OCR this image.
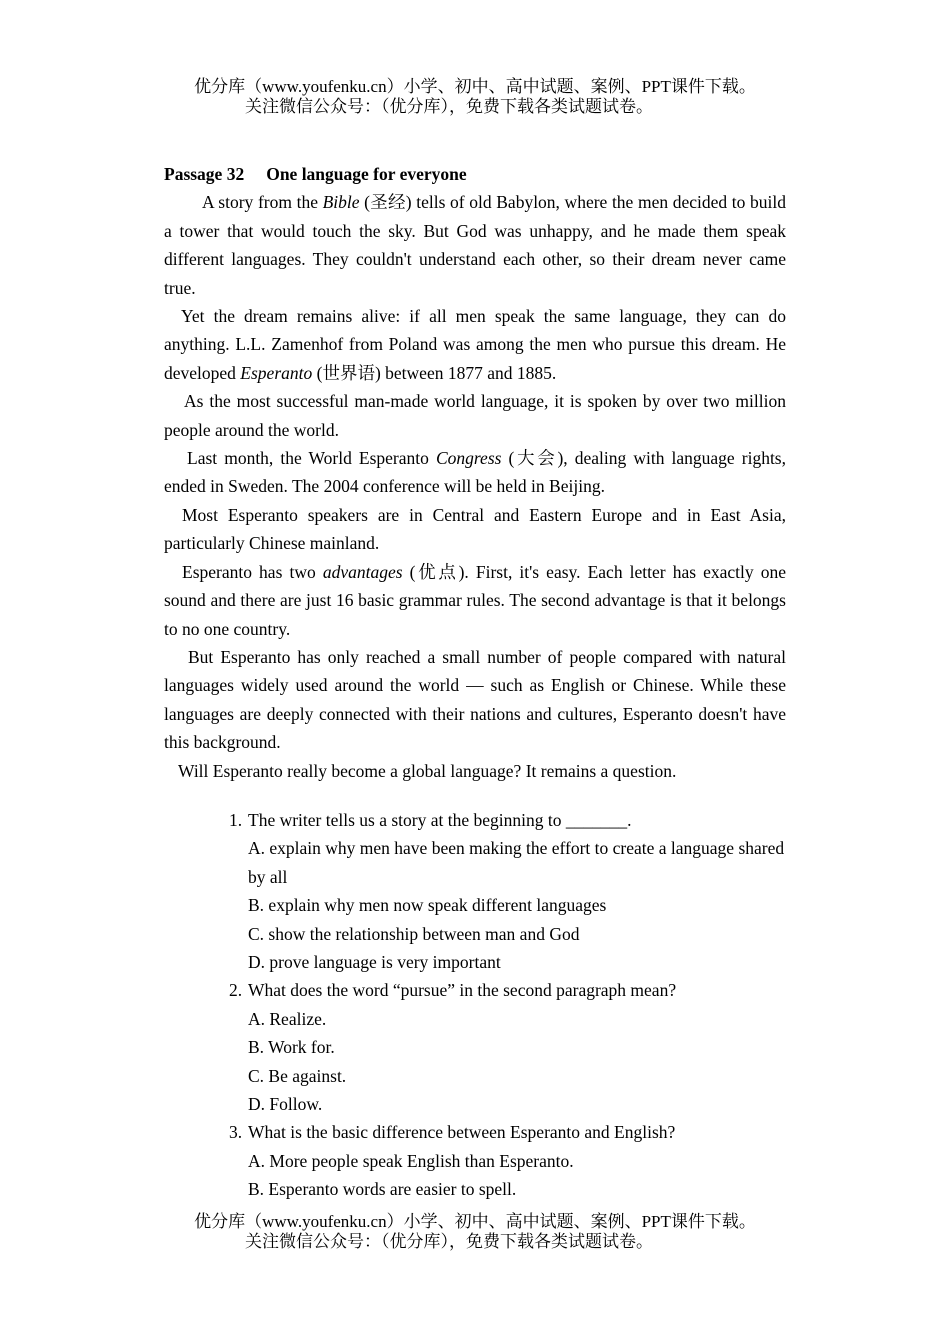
优分库（www.youfenku.cn）小学、初中、高中试题、案例、PPT课件下载。
关注微信公众号：（优分库），免费下载各类试题试卷。

Passage 32 One language for everyone

A story from the Bible (圣经) tells of old Babylon, where the men decided to build a tower that would touch the sky. But God was unhappy, and he made them speak different languages. They couldn't understand each other, so their dream never came true.

Yet the dream remains alive: if all men speak the same language, they can do anything. L.L. Zamenhof from Poland was among the men who pursue this dream. He developed Esperanto (世界语) between 1877 and 1885.

As the most successful man-made world language, it is spoken by over two million people around the world.

Last month, the World Esperanto Congress (大会), dealing with language rights, ended in Sweden. The 2004 conference will be held in Beijing.

Most Esperanto speakers are in Central and Eastern Europe and in East Asia, particularly Chinese mainland.

Esperanto has two advantages (优点). First, it's easy. Each letter has exactly one sound and there are just 16 basic grammar rules. The second advantage is that it belongs to no one country.

But Esperanto has only reached a small number of people compared with natural languages widely used around the world — such as English or Chinese. While these languages are deeply connected with their nations and cultures, Esperanto doesn't have this background.

Will Esperanto really become a global language? It remains a question.

1. The writer tells us a story at the beginning to _______.

A. explain why men have been making the effort to create a language shared by all

B. explain why men now speak different languages

C. show the relationship between man and God

D. prove language is very important

2. What does the word “pursue” in the second paragraph mean?

A. Realize.

B. Work for.

C. Be against.

D. Follow.

3. What is the basic difference between Esperanto and English?

A. More people speak English than Esperanto.

B. Esperanto words are easier to spell.

优分库（www.youfenku.cn）小学、初中、高中试题、案例、PPT课件下载。
关注微信公众号：（优分库），免费下载各类试题试卷。
